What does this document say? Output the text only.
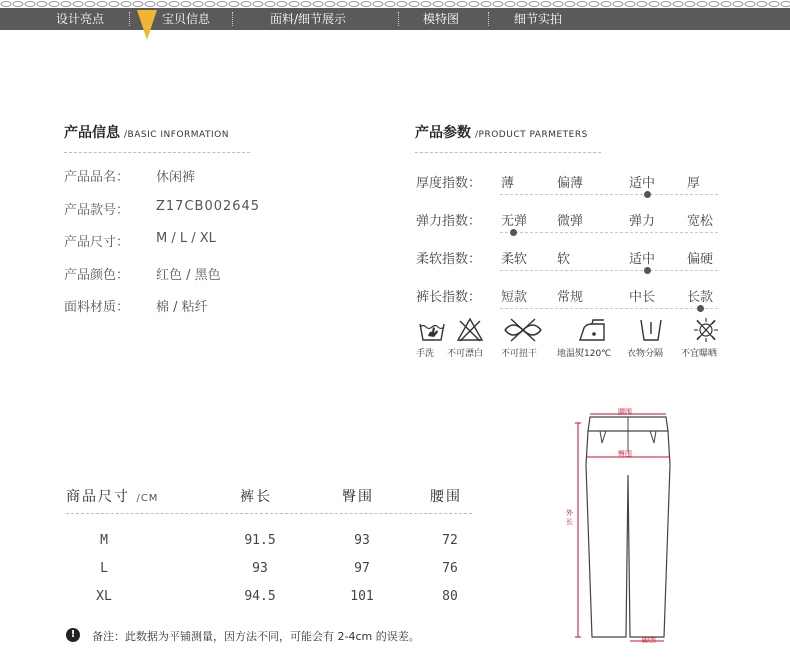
设计亮点	宝贝信息	面料/细节展示	模特图	细节实拍
产品信息 /BASIC INFORMATION
产品品名： 休闲裤
产品款号： Z17CB002645
产品尺寸： M / L / XL
产品颜色： 红色 / 黑色
面料材质： 棉 / 粘纤
产品参数 /PRODUCT PARMETERS
厚度指数： 薄	偏薄	适中 厚
弹力指数： 无弹 微弹	弹力 宽松
柔软指数： 柔软 软	适中 偏硬
裤长指数： 短款 常规	中长 长款
手洗 不可漂白 不可扭干 地温熨120℃ 衣物分隔 不宜曝晒
商品尺寸 /CM	裤长	臀围	腰围
M	91.5	93	72
L	93	97	76
XL	94.5	101	80
!	备注：此数据为平铺测量，因方法不同，可能会有 2-4cm 的误差。
腰围
臀围
外长
脚围
